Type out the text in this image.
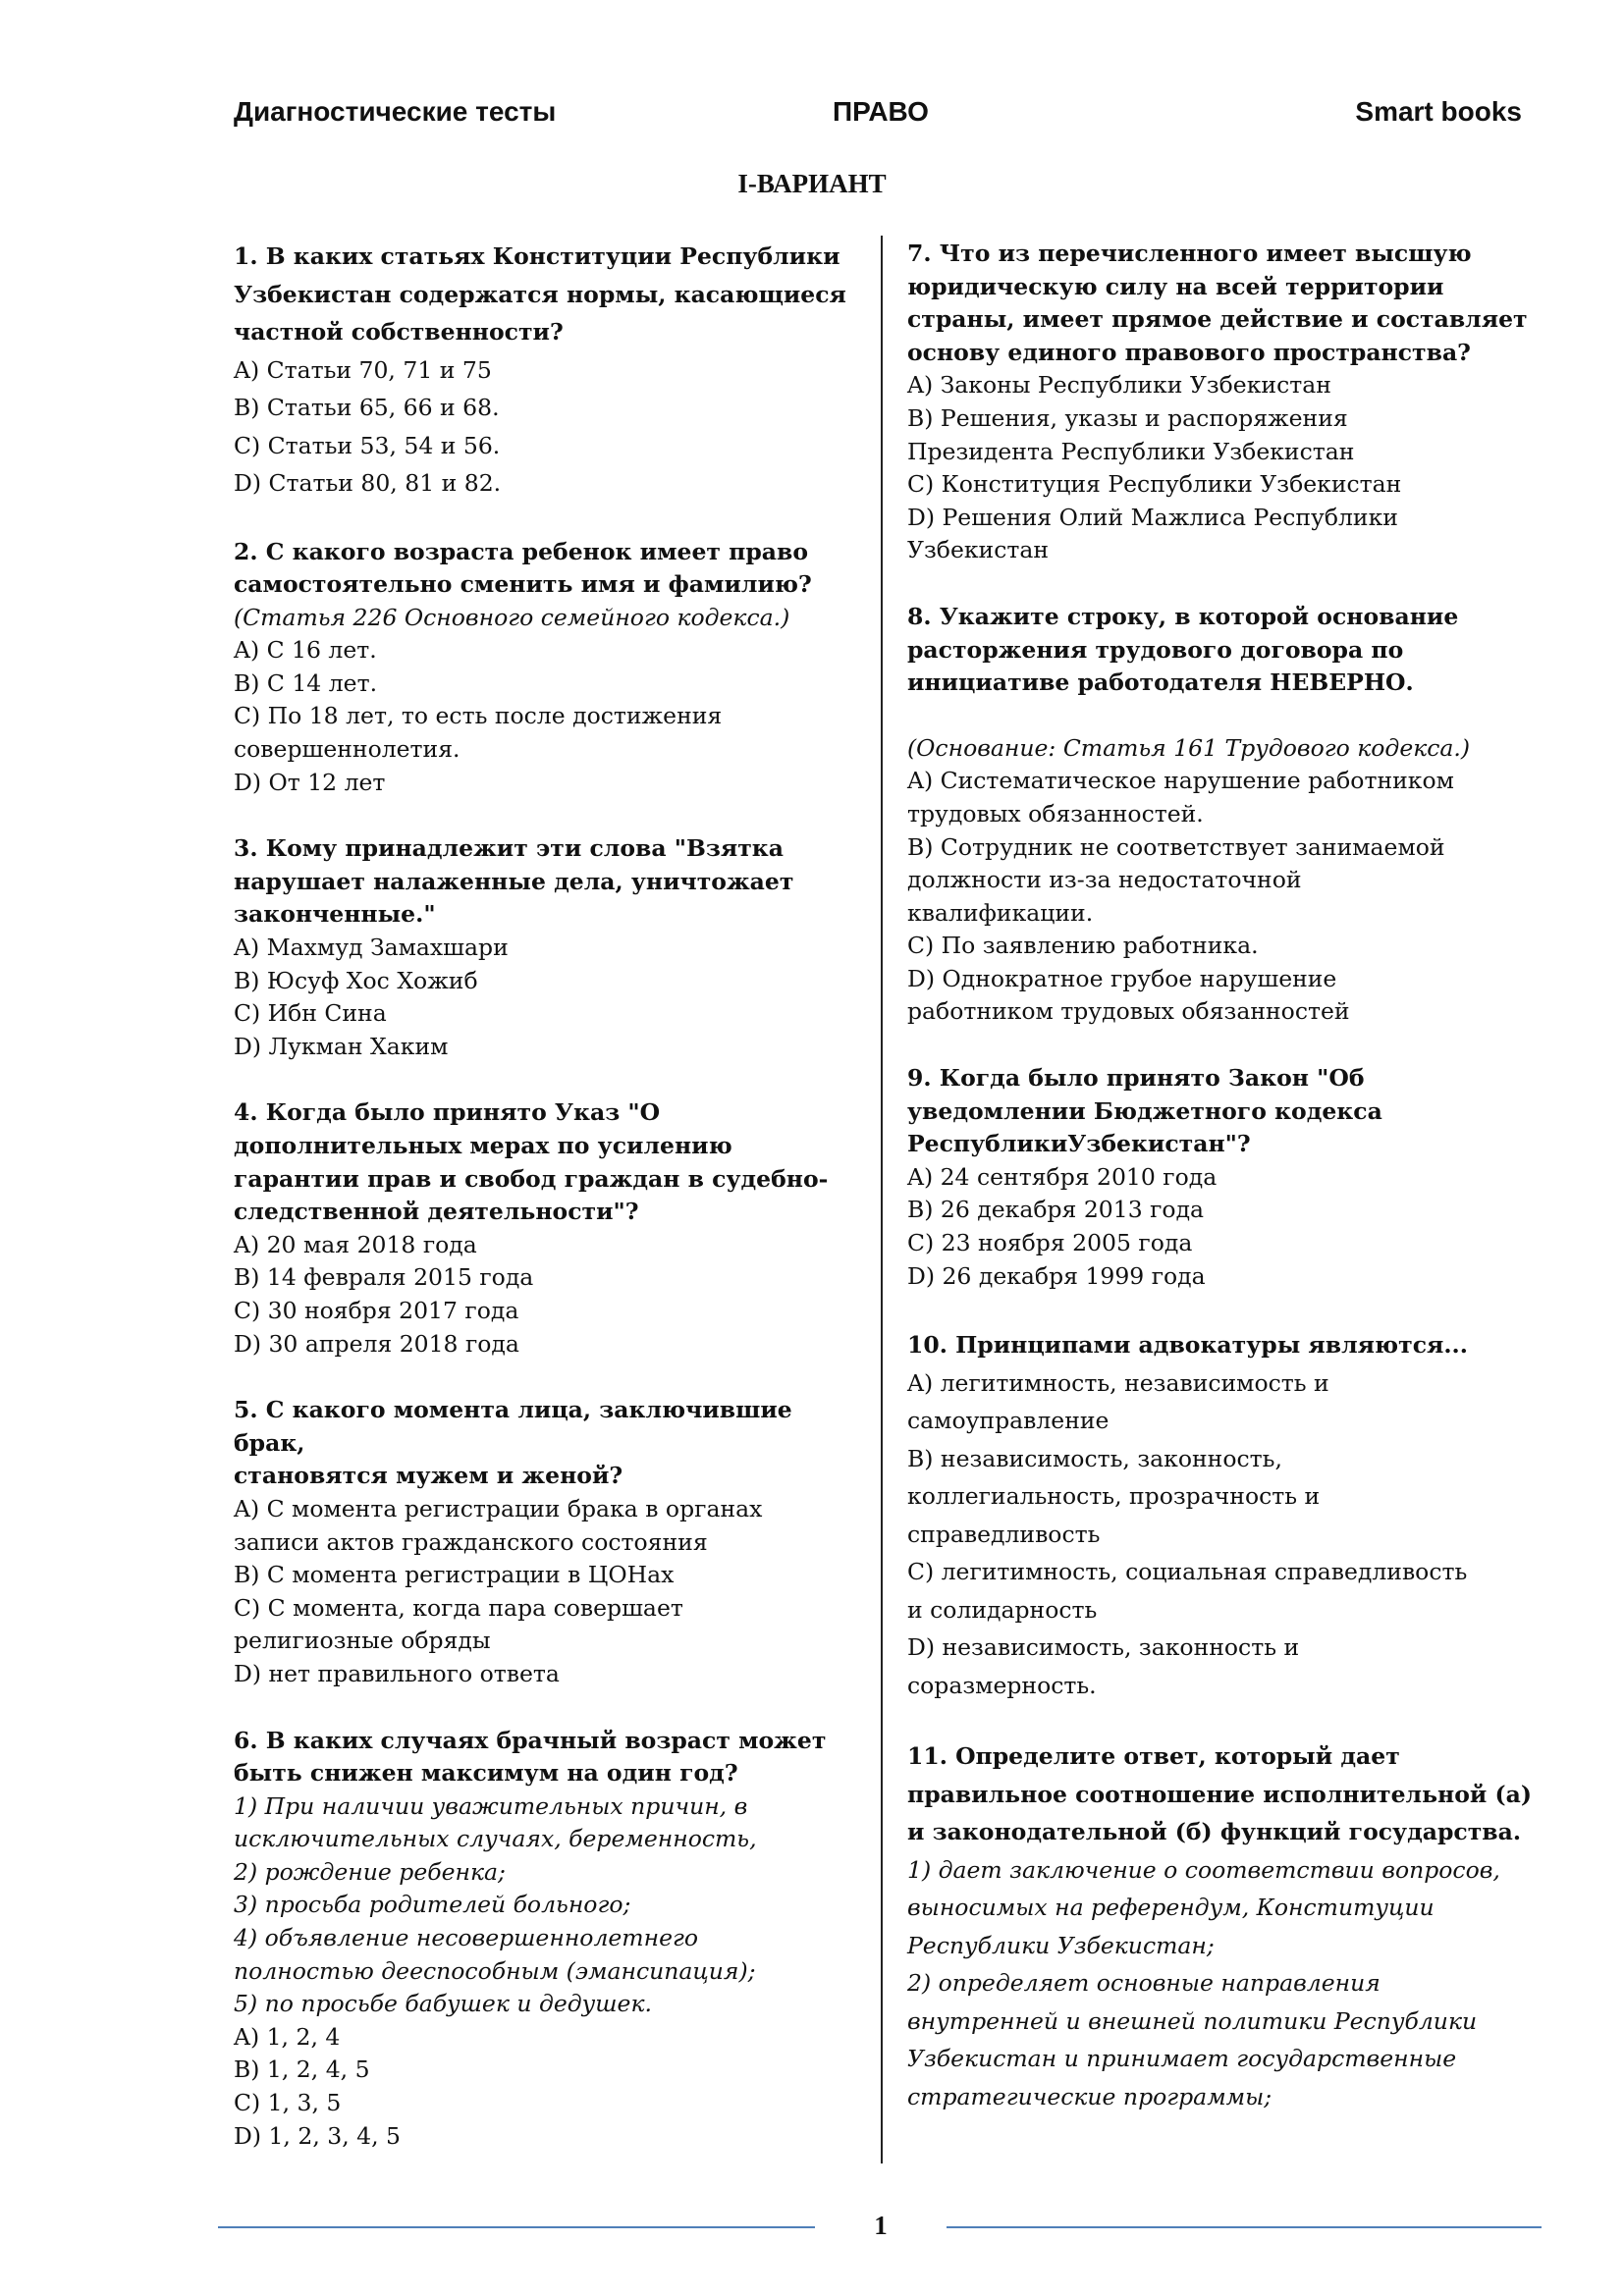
Диагностические тесты	ПРАВО	Smart books
I-ВАРИАНТ
1. В каких статьях Конституции Республики
Узбекистан содержатся нормы, касающиеся
частной собственности?
A) Статьи 70, 71 и 75
B) Статьи 65, 66 и 68.
C) Статьи 53, 54 и 56.
D) Статьи 80, 81 и 82.
2. С какого возраста ребенок имеет право
самостоятельно сменить имя и фамилию?
(Статья 226 Основного семейного кодекса.)
A) С 16 лет.
B) С 14 лет.
C) По 18 лет, то есть после достижения
совершеннолетия.
D) От 12 лет
3. Кому принадлежит эти слова "Взятка
нарушает налаженные дела, уничтожает
законченные."
A) Махмуд Замахшари
B) Юсуф Хос Хожиб
C) Ибн Сина
D) Лукман Хаким
4. Когда было принято Указ "О
дополнительных мерах по усилению
гарантии прав и свобод граждан в судебно-
следственной деятельности"?
A) 20 мая 2018 года
B) 14 февраля 2015 года
C) 30 ноября 2017 года
D) 30 апреля 2018 года
5. С какого момента лица, заключившие брак,
становятся мужем и женой?
A) С момента регистрации брака в органах
записи актов гражданского состояния
B) С момента регистрации в ЦОНах
C) С момента, когда пара совершает
религиозные обряды
D) нет правильного ответа
6. В каких случаях брачный возраст может
быть снижен максимум на один год?
1) При наличии уважительных причин, в
исключительных случаях, беременность,
2) рождение ребенка;
3) просьба родителей больного;
4) объявление несовершеннолетнего
полностью дееспособным (эмансипация);
5) по просьбе бабушек и дедушек.
A) 1, 2, 4
B) 1, 2, 4, 5
C) 1, 3, 5
D) 1, 2, 3, 4, 5
7. Что из перечисленного имеет высшую
юридическую силу на всей территории
страны, имеет прямое действие и составляет
основу единого правового пространства?
A) Законы Республики Узбекистан
B) Решения, указы и распоряжения
Президента Республики Узбекистан
C) Конституция Республики Узбекистан
D) Решения Олий Мажлиса Республики
Узбекистан
8. Укажите строку, в которой основание
расторжения трудового договора по
инициативе работодателя НЕВЕРНО.
(Основание: Статья 161 Трудового кодекса.)
A) Систематическое нарушение работником
трудовых обязанностей.
B) Сотрудник не соответствует занимаемой
должности из-за недостаточной
квалификации.
C) По заявлению работника.
D) Однократное грубое нарушение
работником трудовых обязанностей
9. Когда было принято Закон "Об
уведомлении Бюджетного кодекса
РеспубликиУзбекистан"?
A) 24 сентября 2010 года
B) 26 декабря 2013 года
C) 23 ноября 2005 года
D) 26 декабря 1999 года
10. Принципами адвокатуры являются...
A) легитимность, независимость и
самоуправление
B) независимость, законность,
коллегиальность, прозрачность и
справедливость
C) легитимность, социальная справедливость
и солидарность
D) независимость, законность и
соразмерность.
11. Определите ответ, который дает
правильное соотношение исполнительной (а)
и законодательной (б) функций государства.
1) дает заключение о соответствии вопросов,
выносимых на референдум, Конституции
Республики Узбекистан;
2) определяет основные направления
внутренней и внешней политики Республики
Узбекистан и принимает государственные
стратегические программы;
1
